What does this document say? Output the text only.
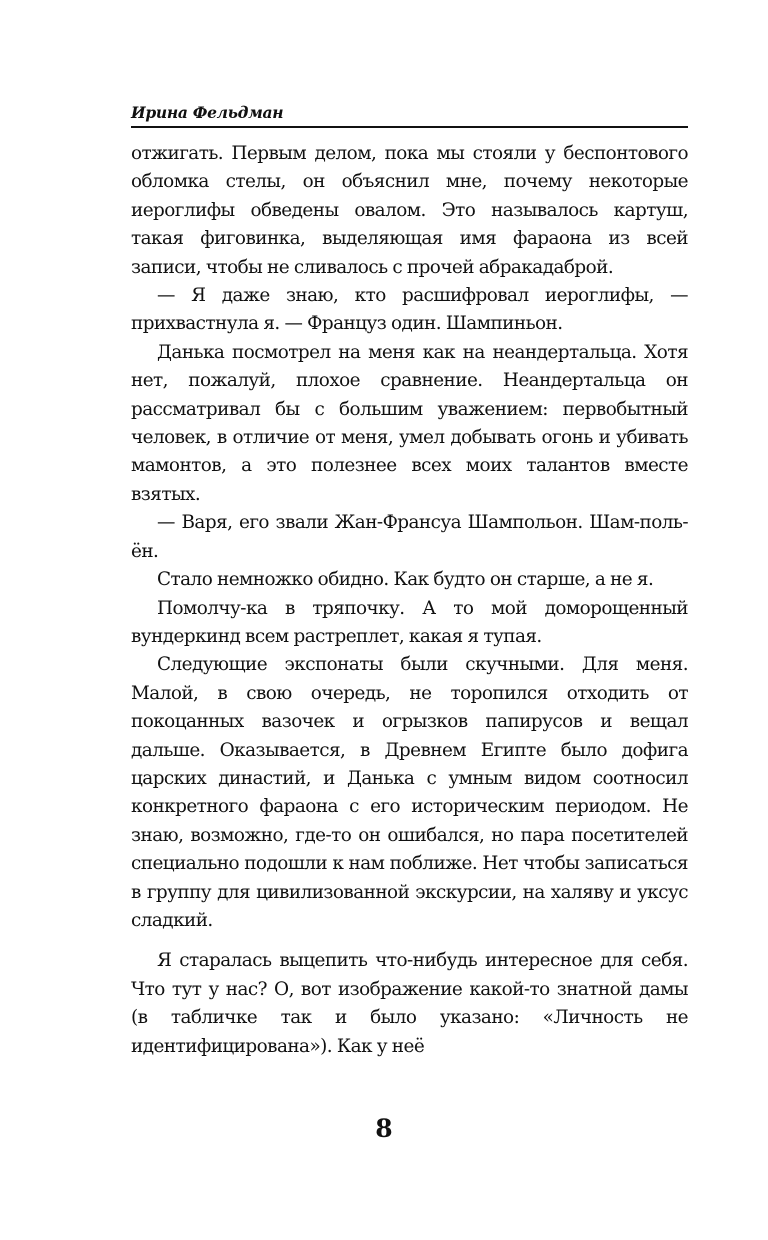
Ирина Фельдман

отжигать. Первым делом, пока мы стояли у беспонтового обломка стелы, он объяснил мне, почему некоторые иероглифы обведены овалом. Это называлось картуш, такая фиговинка, выделяющая имя фараона из всей записи, чтобы не сливалось с прочей абракадаброй.

— Я даже знаю, кто расшифровал иероглифы, — прихвастнула я. — Француз один. Шампиньон.

Данька посмотрел на меня как на неандертальца. Хотя нет, пожалуй, плохое сравнение. Неандертальца он рассматривал бы с большим уважением: первобытный человек, в отличие от меня, умел добывать огонь и убивать мамонтов, а это полезнее всех моих талантов вместе взятых.

— Варя, его звали Жан-Франсуа Шампольон. Шам-поль-ён.

Стало немножко обидно. Как будто он старше, а не я.

Помолчу-ка в тряпочку. А то мой доморощенный вундеркинд всем растреплет, какая я тупая.

Следующие экспонаты были скучными. Для меня. Малой, в свою очередь, не торопился отходить от покоцанных вазочек и огрызков папирусов и вещал дальше. Оказывается, в Древнем Египте было дофига царских династий, и Данька с умным видом соотносил конкретного фараона с его историческим периодом. Не знаю, возможно, где-то он ошибался, но пара посетителей специально подошли к нам поближе. Нет чтобы записаться в группу для цивилизованной экскурсии, на халяву и уксус сладкий.

Я старалась выцепить что-нибудь интересное для себя. Что тут у нас? О, вот изображение какой-то знатной дамы (в табличке так и было указано: «Личность не идентифицирована»). Как у неё

8
